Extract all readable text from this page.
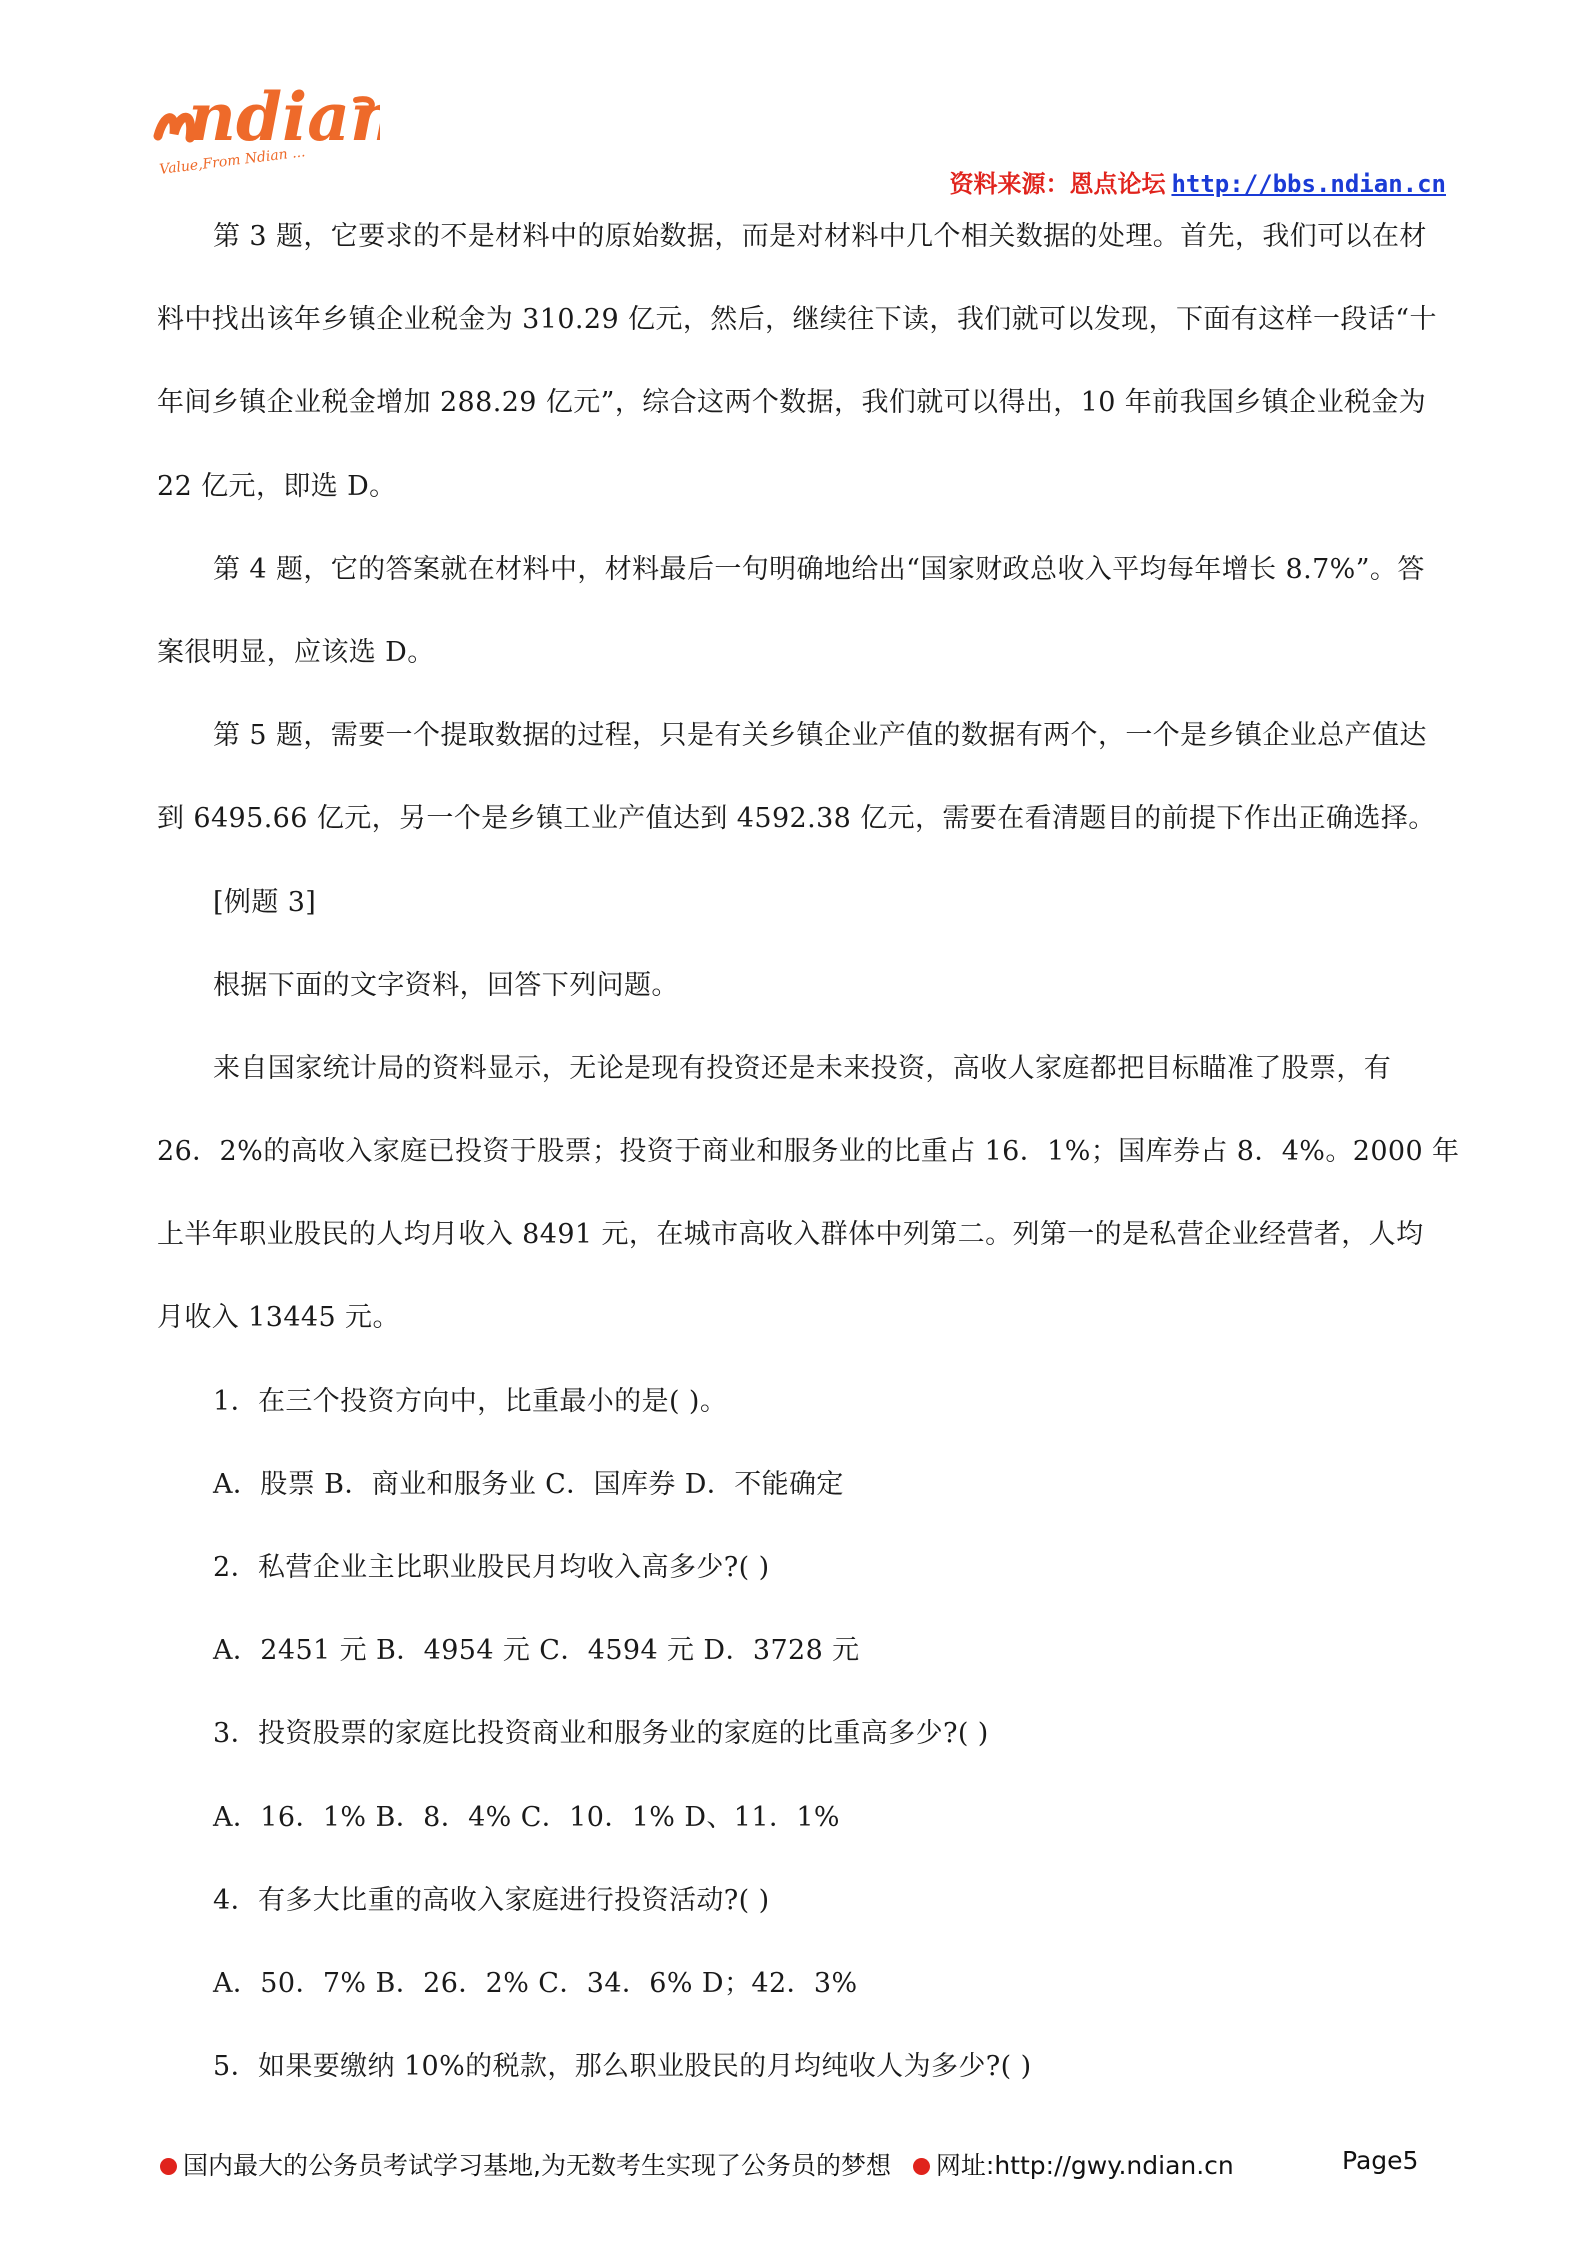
ndian
Value,From Ndian ...
资料来源：恩点论坛 http://bbs.ndian.cn
第 3 题，它要求的不是材料中的原始数据，而是对材料中几个相关数据的处理。首先，我们可以在材
料中找出该年乡镇企业税金为 310.29 亿元，然后，继续往下读，我们就可以发现，下面有这样一段话“十
年间乡镇企业税金增加 288.29 亿元”，综合这两个数据，我们就可以得出，10 年前我国乡镇企业税金为
22 亿元，即选 D。
第 4 题，它的答案就在材料中，材料最后一句明确地给出“国家财政总收入平均每年增长 8.7%”。答
案很明显，应该选 D。
第 5 题，需要一个提取数据的过程，只是有关乡镇企业产值的数据有两个，一个是乡镇企业总产值达
到 6495.66 亿元，另一个是乡镇工业产值达到 4592.38 亿元，需要在看清题目的前提下作出正确选择。
[例题 3]
根据下面的文字资料，回答下列问题。
来自国家统计局的资料显示，无论是现有投资还是未来投资，高收人家庭都把目标瞄准了股票，有
26．2%的高收入家庭已投资于股票；投资于商业和服务业的比重占 16．1%；国库券占 8．4%。2000 年
上半年职业股民的人均月收入 8491 元，在城市高收入群体中列第二。列第一的是私营企业经营者，人均
月收入 13445 元。
1．在三个投资方向中，比重最小的是( )。
A．股票 B．商业和服务业 C．国库券 D．不能确定
2．私营企业主比职业股民月均收入高多少?( )
A．2451 元 B．4954 元 C．4594 元 D．3728 元
3．投资股票的家庭比投资商业和服务业的家庭的比重高多少?( )
A．16．1% B．8．4% C．10．1% D、11．1%
4．有多大比重的高收入家庭进行投资活动?( )
A．50．7% B．26．2% C．34．6% D；42．3%
5．如果要缴纳 10%的税款，那么职业股民的月均纯收人为多少?( )
国内最大的公务员考试学习基地,为无数考生实现了公务员的梦想 网址:http://gwy.ndian.cn	Page5
